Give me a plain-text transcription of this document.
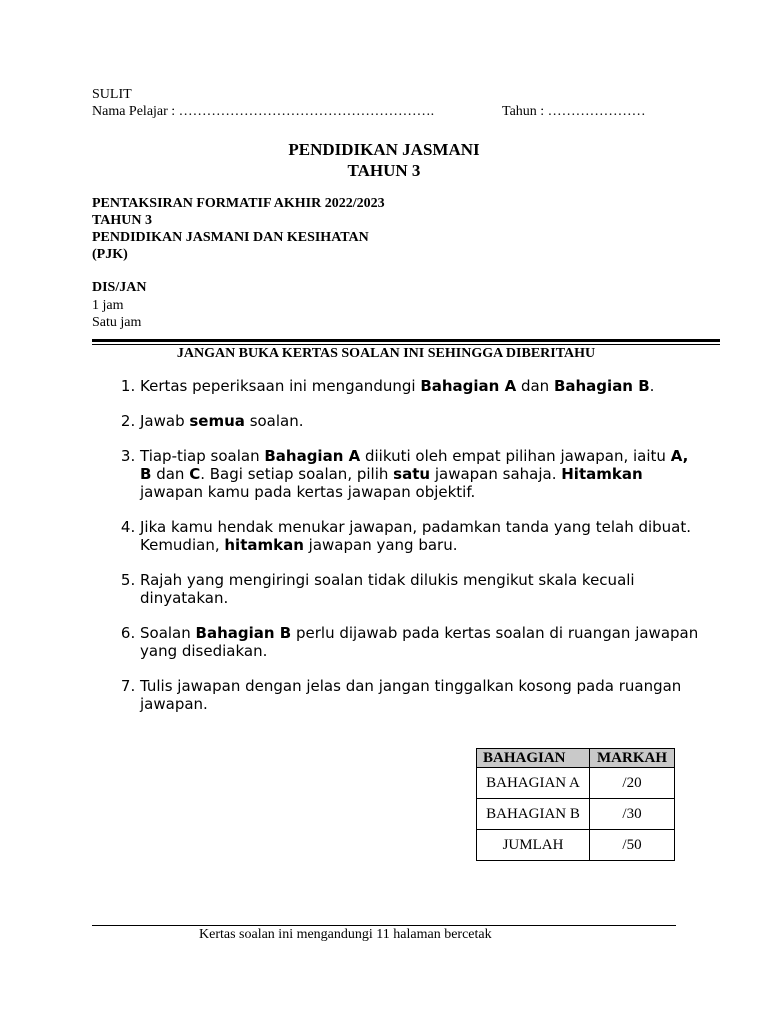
SULIT
Nama Pelajar : ……………………………………………….	Tahun : …………………
PENDIDIKAN JASMANI
TAHUN 3
PENTAKSIRAN FORMATIF AKHIR 2022/2023
TAHUN 3
PENDIDIKAN JASMANI DAN KESIHATAN
(PJK)
DIS/JAN
1 jam
Satu jam
JANGAN BUKA KERTAS SOALAN INI SEHINGGA DIBERITAHU
1. Kertas peperiksaan ini mengandungi Bahagian A dan Bahagian B.
2. Jawab semua soalan.
3. Tiap-tiap soalan Bahagian A diikuti oleh empat pilihan jawapan, iaitu A, B dan C. Bagi setiap soalan, pilih satu jawapan sahaja. Hitamkan jawapan kamu pada kertas jawapan objektif.
4. Jika kamu hendak menukar jawapan, padamkan tanda yang telah dibuat. Kemudian, hitamkan jawapan yang baru.
5. Rajah yang mengiringi soalan tidak dilukis mengikut skala kecuali dinyatakan.
6. Soalan Bahagian B perlu dijawab pada kertas soalan di ruangan jawapan yang disediakan.
7. Tulis jawapan dengan jelas dan jangan tinggalkan kosong pada ruangan jawapan.
BAHAGIAN	MARKAH
BAHAGIAN A	/20
BAHAGIAN B	/30
JUMLAH	/50
Kertas soalan ini mengandungi 11 halaman bercetak
